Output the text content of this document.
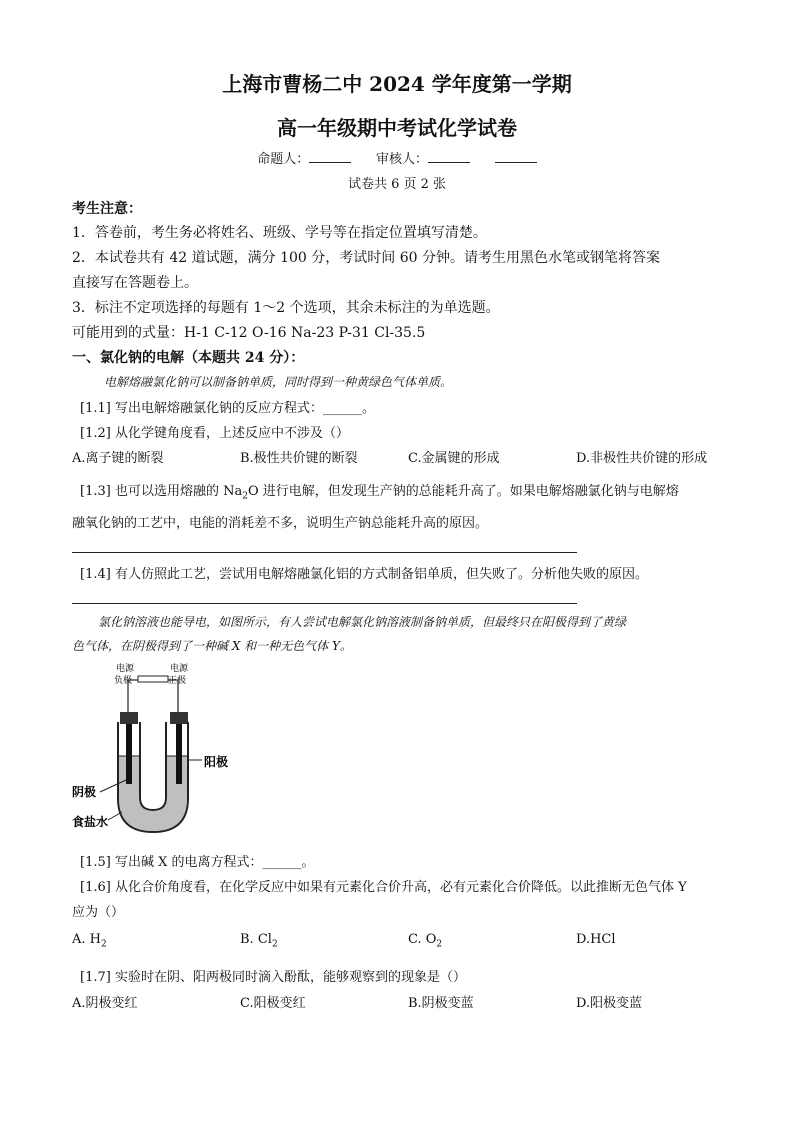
上海市曹杨二中 2024 学年度第一学期
高一年级期中考试化学试卷
命题人：	审核人：
试卷共 6 页 2 张
考生注意：
1．答卷前，考生务必将姓名、班级、学号等在指定位置填写清楚。
2．本试卷共有 42 道试题，满分 100 分，考试时间 60 分钟。请考生用黑色水笔或钢笔将答案
直接写在答题卷上。
3．标注不定项选择的每题有 1～2 个选项，其余未标注的为单选题。
可能用到的式量：H-1 C-12 O-16 Na-23 P-31 Cl-35.5
一、氯化钠的电解（本题共 24 分）：
电解熔融氯化钠可以制备钠单质，同时得到一种黄绿色气体单质。
[1.1] 写出电解熔融氯化钠的反应方程式：______。
[1.2] 从化学键角度看，上述反应中不涉及（）
A.离子键的断裂	B.极性共价键的断裂	C.金属键的形成	D.非极性共价键的形成
[1.3] 也可以选用熔融的 $Na_2O$ 进行电解，但发现生产钠的总能耗升高了。如果电解熔融氯化钠与电解熔
融氧化钠的工艺中，电能的消耗差不多，说明生产钠总能耗升高的原因。
[1.4] 有人仿照此工艺，尝试用电解熔融氯化铝的方式制备铝单质，但失败了。分析他失败的原因。
氯化钠溶液也能导电，如图所示，有人尝试电解氯化钠溶液制备钠单质，但最终只在阳极得到了黄绿
色气体，在阴极得到了一种碱 X 和一种无色气体 Y。
电源
负极
电源
正极
阳极
阴极
食盐水
[1.5] 写出碱 X 的电离方程式：______。
[1.6] 从化合价角度看，在化学反应中如果有元素化合价升高，必有元素化合价降低。以此推断无色气体 Y
应为（）
A. $H_2$	B. $Cl_2$	C. $O_2$	D.HCl
[1.7] 实验时在阴、阳两极同时滴入酚酞，能够观察到的现象是（）
A.阴极变红	C.阳极变红	B.阴极变蓝	D.阳极变蓝
